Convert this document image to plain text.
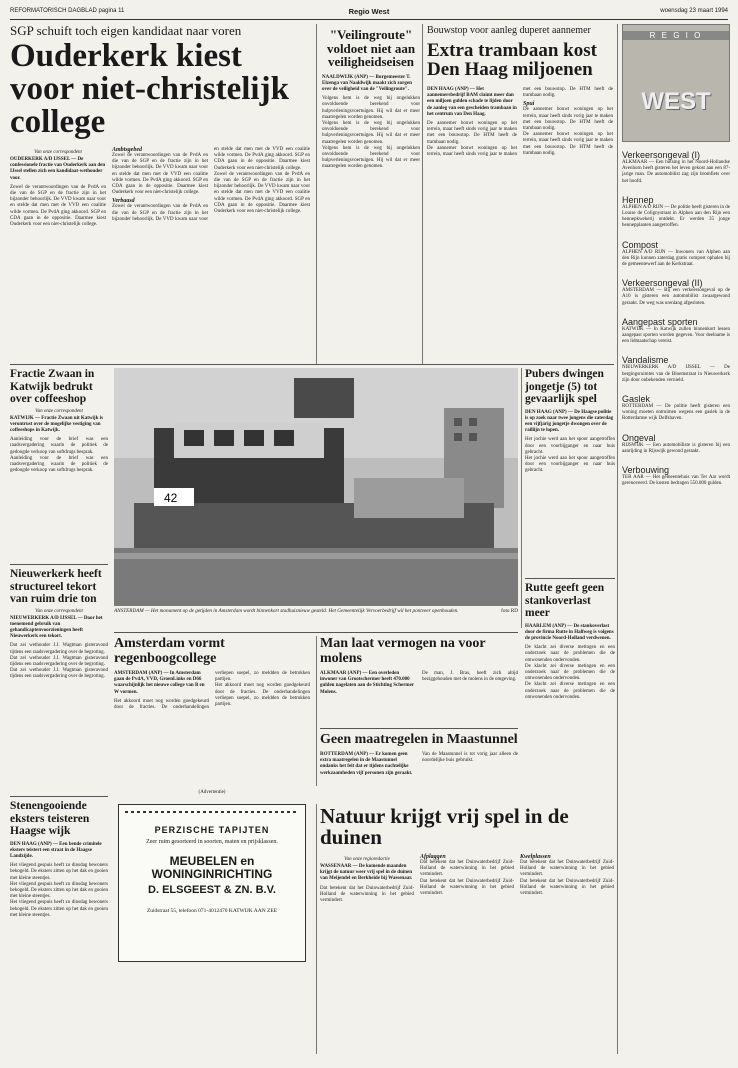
REFORMATORISCH DAGBLAD pagina 11	Regio West	woensdag 23 maart 1994
SGP schuift toch eigen kandidaat naar voren
Ouderkerk kiest voor niet-christelijk college
Van onze correspondent
OUDERKERK A/D IJSSEL — De confessionele fractie van Ouderkerk aan den IJssel stellen zich een kandidaat-wethouder voor.
Zowel de verantwoordingen van de PvdA en die van de SGP en de fractie zijn in het bijzonder behoorlijk. De VVD kwam naar voor en stelde dat men met de VVD een coalitie wilde vormen. De PvdA ging akkoord. SGP en CDA gaan in de oppositie. Daarmee kiest Ouderkerk voor een niet-christelijk college.
Ambtsgebed
Zowel de verantwoordingen van de PvdA en die van de SGP en de fractie zijn in het bijzonder behoorlijk. De VVD kwam naar voor en stelde dat men met de VVD een coalitie wilde vormen. De PvdA ging akkoord. SGP en CDA gaan in de oppositie. Daarmee kiest Ouderkerk voor een niet-christelijk college.
Verbaasd
Zowel de verantwoordingen van de PvdA en die van de SGP en de fractie zijn in het bijzonder behoorlijk. De VVD kwam naar voor en stelde dat men met de VVD een coalitie wilde vormen. De PvdA ging akkoord. SGP en CDA gaan in de oppositie. Daarmee kiest Ouderkerk voor een niet-christelijk college.
Zowel de verantwoordingen van de PvdA en die van de SGP en de fractie zijn in het bijzonder behoorlijk. De VVD kwam naar voor en stelde dat men met de VVD een coalitie wilde vormen. De PvdA ging akkoord. SGP en CDA gaan in de oppositie. Daarmee kiest Ouderkerk voor een niet-christelijk college.
"Veilingroute" voldoet niet aan veiligheidseisen
NAALDWIJK (ANP) — Burgemeester T. Elzenga van Naaldwijk maakt zich zorgen over de veiligheid van de "Veilingroute".
Volgens hem is de weg bij ongelukken onvoldoende berekend voor hulpverleningsvoertuigen. Hij wil dat er meer maatregelen worden genomen.
Volgens hem is de weg bij ongelukken onvoldoende berekend voor hulpverleningsvoertuigen. Hij wil dat er meer maatregelen worden genomen.
Volgens hem is de weg bij ongelukken onvoldoende berekend voor hulpverleningsvoertuigen. Hij wil dat er meer maatregelen worden genomen.
Bouwstop voor aanleg duperet aannemer
Extra trambaan kost Den Haag miljoenen
DEN HAAG (ANP) — Het aannemersbedrijf BAM claimt meer dan een miljoen gulden schade te lijden door de aanleg van een gescheiden trambaan in het centrum van Den Haag.
De aannemer bouwt woningen op het terrein, maar heeft sinds vorig jaar te maken met een bouwstop. De HTM heeft de trambaan nodig.
De aannemer bouwt woningen op het terrein, maar heeft sinds vorig jaar te maken met een bouwstop. De HTM heeft de trambaan nodig.
Spui
De aannemer bouwt woningen op het terrein, maar heeft sinds vorig jaar te maken met een bouwstop. De HTM heeft de trambaan nodig.
De aannemer bouwt woningen op het terrein, maar heeft sinds vorig jaar te maken met een bouwstop. De HTM heeft de trambaan nodig.
R E G I O
WEST
Verkeersongeval (I)
ALKMAAR — Een botsing in het Noord-Hollandse Avenhorn heeft gisteren het leven gekost aan een 87-jarige man. De automobilist zag zijn bromfiets over het hoofd.
Hennep
ALPHEN A/D RIJN — De politie heeft gisteren in de Louise de Colignystraat in Alphen aan den Rijn een hennepkwekerij ontdekt. Er werden 35 jonge hennepplanten aangetroffen.
Compost
ALPHEN A/D RIJN — Inwoners van Alphen aan den Rijn kunnen zaterdag gratis compost ophalen bij de gemeentewerf aan de Kerkstraat.
Verkeersongeval (II)
AMSTERDAM — Bij een verkeersongeval op de A10 is gisteren een automobilist zwaargewond geraakt. De weg was urenlang afgesloten.
Aangepast sporten
KATWIJK — In Katwijk zullen binnenkort lessen aangepast sporten worden gegeven. Voor deelname is een lidmaatschap vereist.
Vandalisme
NIEUWERKERK A/D IJSSEL — De bergingsruimtes van de Bloemstraat in Nieuwerkerk zijn door onbekenden vernield.
Gaslek
ROTTERDAM — De politie heeft gisteren een woning moeten ontruimen wegens een gaslek in de Rotterdamse wijk Delfshaven.
Ongeval
RIJSWIJK — Een automobiliste is gisteren bij een aanrijding in Rijswijk gewond geraakt.
Verbouwing
TER AAR — Het gemeentehuis van Ter Aar wordt gerenoveerd. De kosten bedragen 550.000 gulden.
Fractie Zwaan in Katwijk bedrukt over coffeeshop
Van onze correspondent
KATWIJK — Fractie Zwaan uit Katwijk is verontrust over de mogelijke vestiging van coffeeshops in Katwijk.
Aanleiding voor de brief was een raadsvergadering waarin de politiek de gedoogde verkoop van softdrugs besprak.
Aanleiding voor de brief was een raadsvergadering waarin de politiek de gedoogde verkoop van softdrugs besprak.
Nieuwerkerk heeft structureel tekort van ruim drie ton
Van onze correspondent
NIEUWERKERK A/D IJSSEL — Door het toenemend gebruik van gehandicaptenvoorzieningen heeft Nieuwerkerk een tekort.
Dat zei wethouder J.J. Wagtman gisteravond tijdens een raadsvergadering over de begroting.
Dat zei wethouder J.J. Wagtman gisteravond tijdens een raadsvergadering over de begroting.
Dat zei wethouder J.J. Wagtman gisteravond tijdens een raadsvergadering over de begroting.
42
ANSTERDAM — Het monument op de getijden in Amsterdam wordt binnenkort stadhuisnieuw gesteld. Het Gemeentelijk Vervoerbedrijf wil het pontveer openhouden.	foto RD
Pubers dwingen jongetje (5) tot gevaarlijk spel
DEN HAAG (ANP) — De Haagse politie is op zoek naar twee jongens die zaterdag een vijfjarig jongetje dwongen over de raillijn te lopen.
Het jochie werd aan het spoor aangetroffen door een voorbijganger en naar huis gebracht.
Het jochie werd aan het spoor aangetroffen door een voorbijganger en naar huis gebracht.
Rutte geeft geen stankoverlast meer
HAARLEM (ANP) — De stankoverlast door de firma Rutte in Halfweg is volgens de provincie Noord-Holland verdwenen.
De klacht zei diverse metingen en een onderzoek naar de problemen die de omwonenden ondervonden.
De klacht zei diverse metingen en een onderzoek naar de problemen die de omwonenden ondervonden.
De klacht zei diverse metingen en een onderzoek naar de problemen die de omwonenden ondervonden.
Amsterdam vormt regenboogcollege
AMSTERDAM (ANP) — In Amsterdam gaan de PvdA, VVD, GroenLinks en D66 waarschijnlijk het nieuwe college van B en W vormen.
Het akkoord moet nog worden goedgekeurd door de fracties. De onderhandelingen verliepen soepel, zo meldden de betrokken partijen.
Het akkoord moet nog worden goedgekeurd door de fracties. De onderhandelingen verliepen soepel, zo meldden de betrokken partijen.
Man laat vermogen na voor molens
ALKMAAR (ANP) — Een overleden inwoner van Grootschermer heeft 470.000 gulden nagelaten aan de Stichting Schermer Molens.
De man, J. Bras, heeft zich altijd beziggehouden met de molens in de omgeving.
Geen maatregelen in Maastunnel
ROTTERDAM (ANP) — Er komen geen extra maatregelen in de Maastunnel ondanks het feit dat er tijdens nachtelijke werkzaamheden vijf personen zijn geraakt.
Van de Maastunnel is tot vorig jaar alleen de noordelijke buis gebruikt.
Stenengooiende eksters teisteren Haagse wijk
DEN HAAG (ANP) — Een bende crimitele eksters teistert een straat in de Haagse Landzijde.
Het vliegend gespuis heeft zo dinsdag bewoners bekogeld. De eksters zitten op het dak en gooien met kleine steentjes.
Het vliegend gespuis heeft zo dinsdag bewoners bekogeld. De eksters zitten op het dak en gooien met kleine steentjes.
Het vliegend gespuis heeft zo dinsdag bewoners bekogeld. De eksters zitten op het dak en gooien met kleine steentjes.
(Advertentie)
PERZISCHE TAPIJTEN
Zeer ruim gesorteerd in soorten, maten en prijsklassen.
MEUBELEN en WONINGINRICHTING
D. ELSGEEST & ZN. B.V.
Zuidstraat 55, telefoon 071-4012470 KATWIJK AAN ZEE
Natuur krijgt vrij spel in de duinen
Van onze regioredactie
WASSENAAR — De komende maanden krijgt de natuur weer vrij spel in de duinen van Meijendel en Berkheide bij Wassenaar.
Dat betekent dat het Duinwaterbedrijf Zuid-Holland de waterwinning in het gebied vermindert.
Afplaggen
Dat betekent dat het Duinwaterbedrijf Zuid-Holland de waterwinning in het gebied vermindert.
Dat betekent dat het Duinwaterbedrijf Zuid-Holland de waterwinning in het gebied vermindert.
Kwelplassen
Dat betekent dat het Duinwaterbedrijf Zuid-Holland de waterwinning in het gebied vermindert.
Dat betekent dat het Duinwaterbedrijf Zuid-Holland de waterwinning in het gebied vermindert.
